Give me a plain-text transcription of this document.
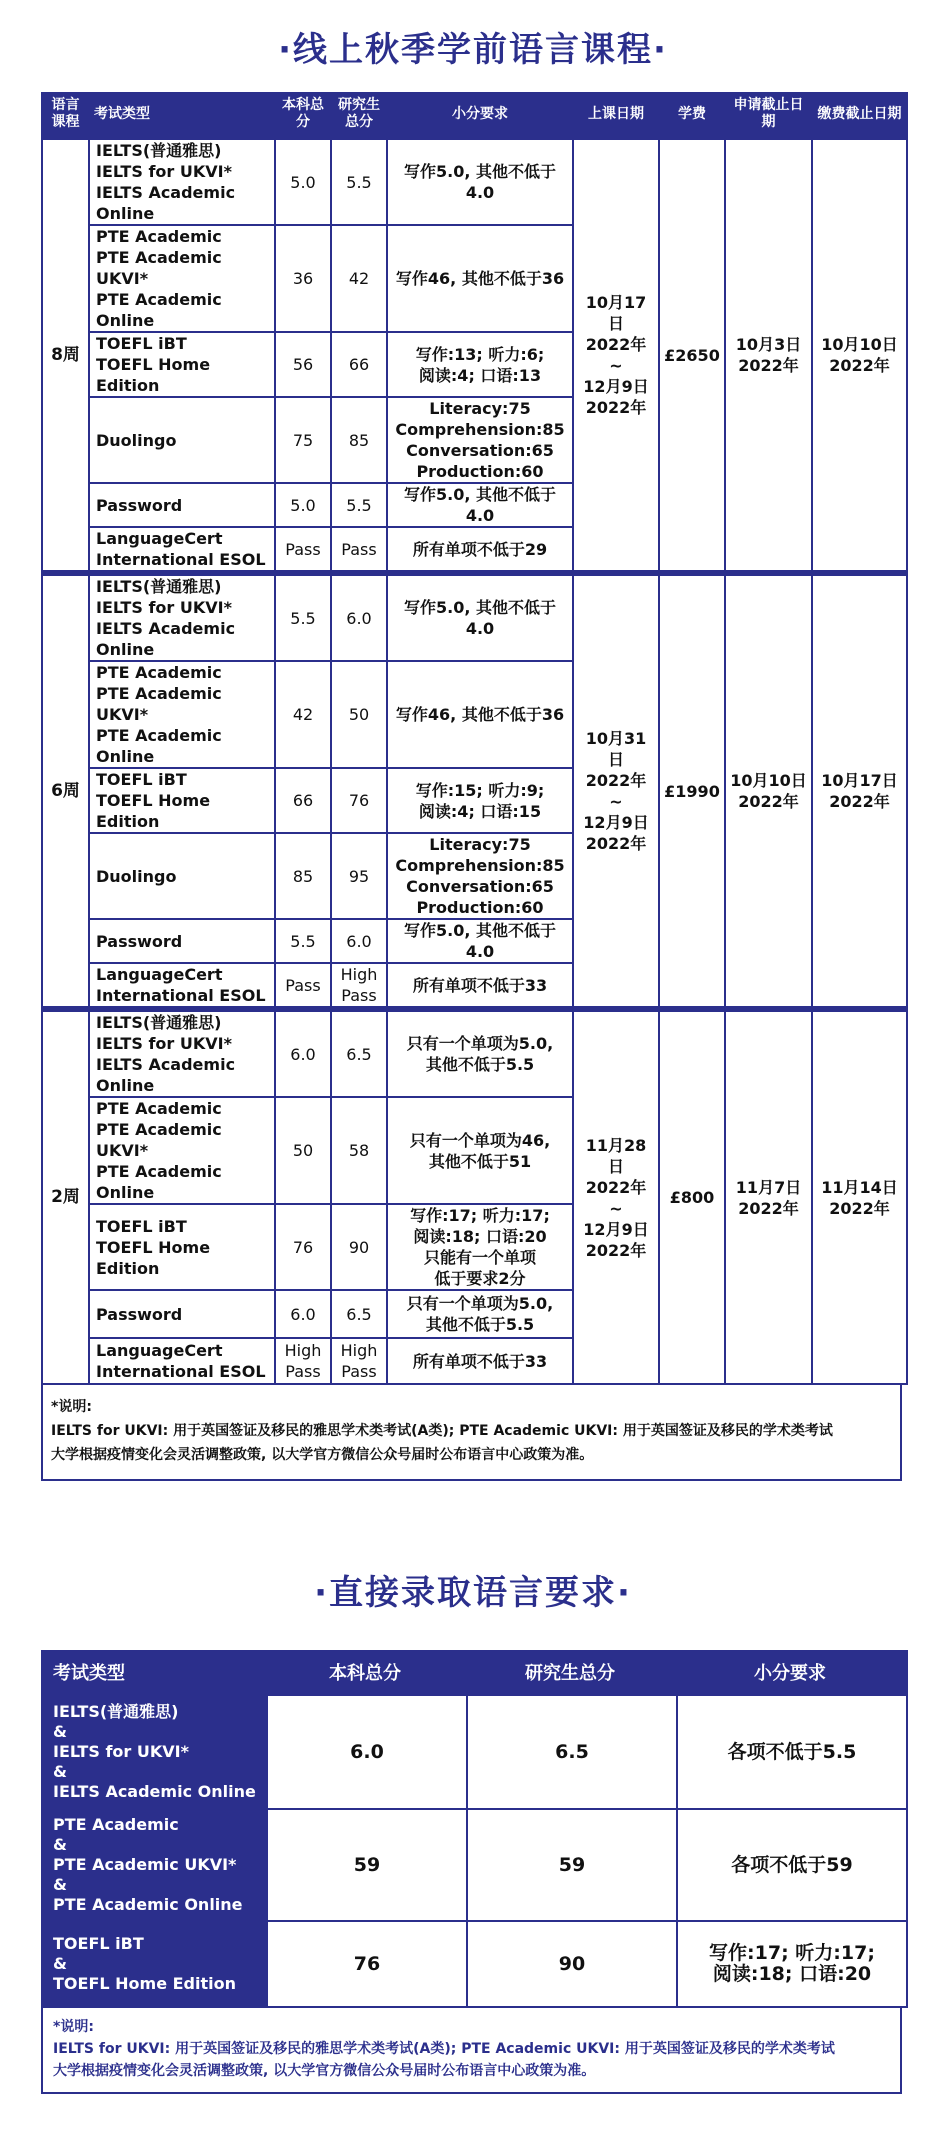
·线上秋季学前语言课程·
语言课程	考试类型	本科总分	研究生总分	小分要求	上课日期	学费	申请截止日期	缴费截止日期
8周	IELTS(普通雅思)
IELTS for UKVI*
IELTS Academic Online	5.0	5.5	写作5.0, 其他不低于4.0	10月17日
2022年
~
12月9日
2022年	£2650	10月3日
2022年	10月10日
2022年
	PTE Academic
PTE Academic UKVI*
PTE Academic Online	36	42	写作46, 其他不低于36				
	TOEFL iBT
TOEFL Home Edition	56	66	写作:13; 听力:6;
阅读:4; 口语:13				
	Duolingo	75	85	Literacy:75
Comprehension:85
Conversation:65
Production:60				
	Password	5.0	5.5	写作5.0, 其他不低于4.0				
	LanguageCert
International ESOL	Pass	Pass	所有单项不低于29				
6周	IELTS(普通雅思)
IELTS for UKVI*
IELTS Academic Online	5.5	6.0	写作5.0, 其他不低于4.0	10月31日
2022年
~
12月9日
2022年	£1990	10月10日
2022年	10月17日
2022年
	PTE Academic
PTE Academic UKVI*
PTE Academic Online	42	50	写作46, 其他不低于36				
	TOEFL iBT
TOEFL Home Edition	66	76	写作:15; 听力:9;
阅读:4; 口语:15				
	Duolingo	85	95	Literacy:75
Comprehension:85
Conversation:65
Production:60				
	Password	5.5	6.0	写作5.0, 其他不低于4.0				
	LanguageCert
International ESOL	Pass	High
Pass	所有单项不低于33				
2周	IELTS(普通雅思)
IELTS for UKVI*
IELTS Academic Online	6.0	6.5	只有一个单项为5.0,
其他不低于5.5	11月28日
2022年
~
12月9日
2022年	£800	11月7日
2022年	11月14日
2022年
	PTE Academic
PTE Academic UKVI*
PTE Academic Online	50	58	只有一个单项为46,
其他不低于51				
	TOEFL iBT
TOEFL Home Edition	76	90	写作:17; 听力:17;
阅读:18; 口语:20
只能有一个单项
低于要求2分				
	Password	6.0	6.5	只有一个单项为5.0,
其他不低于5.5				
	LanguageCert
International ESOL	High
Pass	High
Pass	所有单项不低于33				
*说明:
IELTS for UKVI: 用于英国签证及移民的雅思学术类考试(A类); PTE Academic UKVI: 用于英国签证及移民的学术类考试
大学根据疫情变化会灵活调整政策, 以大学官方微信公众号届时公布语言中心政策为准。
·直接录取语言要求·
考试类型	本科总分	研究生总分	小分要求
IELTS(普通雅思)
&
IELTS for UKVI*
&
IELTS Academic Online	6.0	6.5	各项不低于5.5
PTE Academic
&
PTE Academic UKVI*
&
PTE Academic Online	59	59	各项不低于59
TOEFL iBT
&
TOEFL Home Edition	76	90	写作:17; 听力:17;
阅读:18; 口语:20
*说明:
IELTS for UKVI: 用于英国签证及移民的雅思学术类考试(A类); PTE Academic UKVI: 用于英国签证及移民的学术类考试
大学根据疫情变化会灵活调整政策, 以大学官方微信公众号届时公布语言中心政策为准。
